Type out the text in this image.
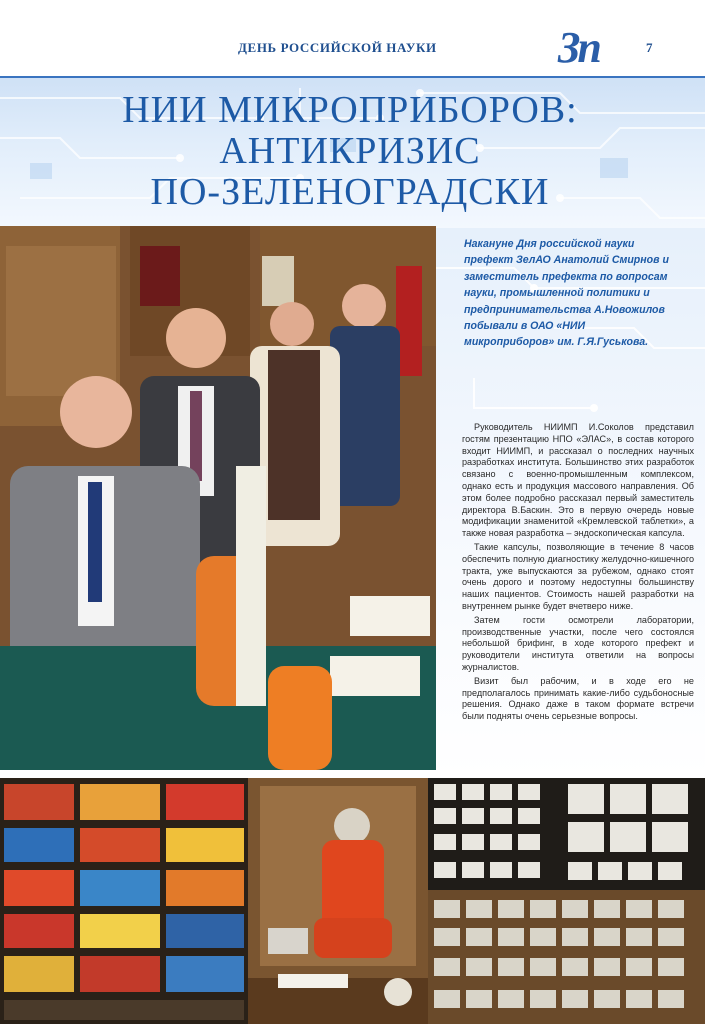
ДЕНЬ РОССИЙСКОЙ НАУКИ	Зп	7
НИИ МИКРОПРИБОРОВ:
АНТИКРИЗИС
ПО-ЗЕЛЕНОГРАДСКИ
Накануне Дня российской науки префект ЗелАО Анатолий Смирнов и заместитель префекта по вопросам науки, промышленной политики и предпринимательства А.Новожилов побывали в ОАО «НИИ микроприборов» им. Г.Я.Гуськова.

Руководитель НИИМП И.Соколов представил гостям презентацию НПО «ЭЛАС», в состав которого входит НИИМП, и рассказал о последних научных разработках института. Большинство этих разработок связано с военно-промышленным комплексом, однако есть и продукция массового направления. Об этом более подробно рассказал первый заместитель директора В.Баскин. Это в первую очередь новые модификации знаменитой «Кремлевской таблетки», а также новая разработка – эндоскопическая капсула.

Такие капсулы, позволяющие в течение 8 часов обеспечить полную диагностику желудочно-кишечного тракта, уже выпускаются за рубежом, однако стоят очень дорого и поэтому недоступны большинству наших пациентов. Стоимость нашей разработки на внутреннем рынке будет вчетверо ниже.

Затем гости осмотрели лаборатории, производственные участки, после чего состоялся небольшой брифинг, в ходе которого префект и руководители института ответили на вопросы журналистов.

Визит был рабочим, и в ходе его не предполагалось принимать какие-либо судьбоносные решения. Однако даже в таком формате встречи были подняты очень серьезные вопросы.
